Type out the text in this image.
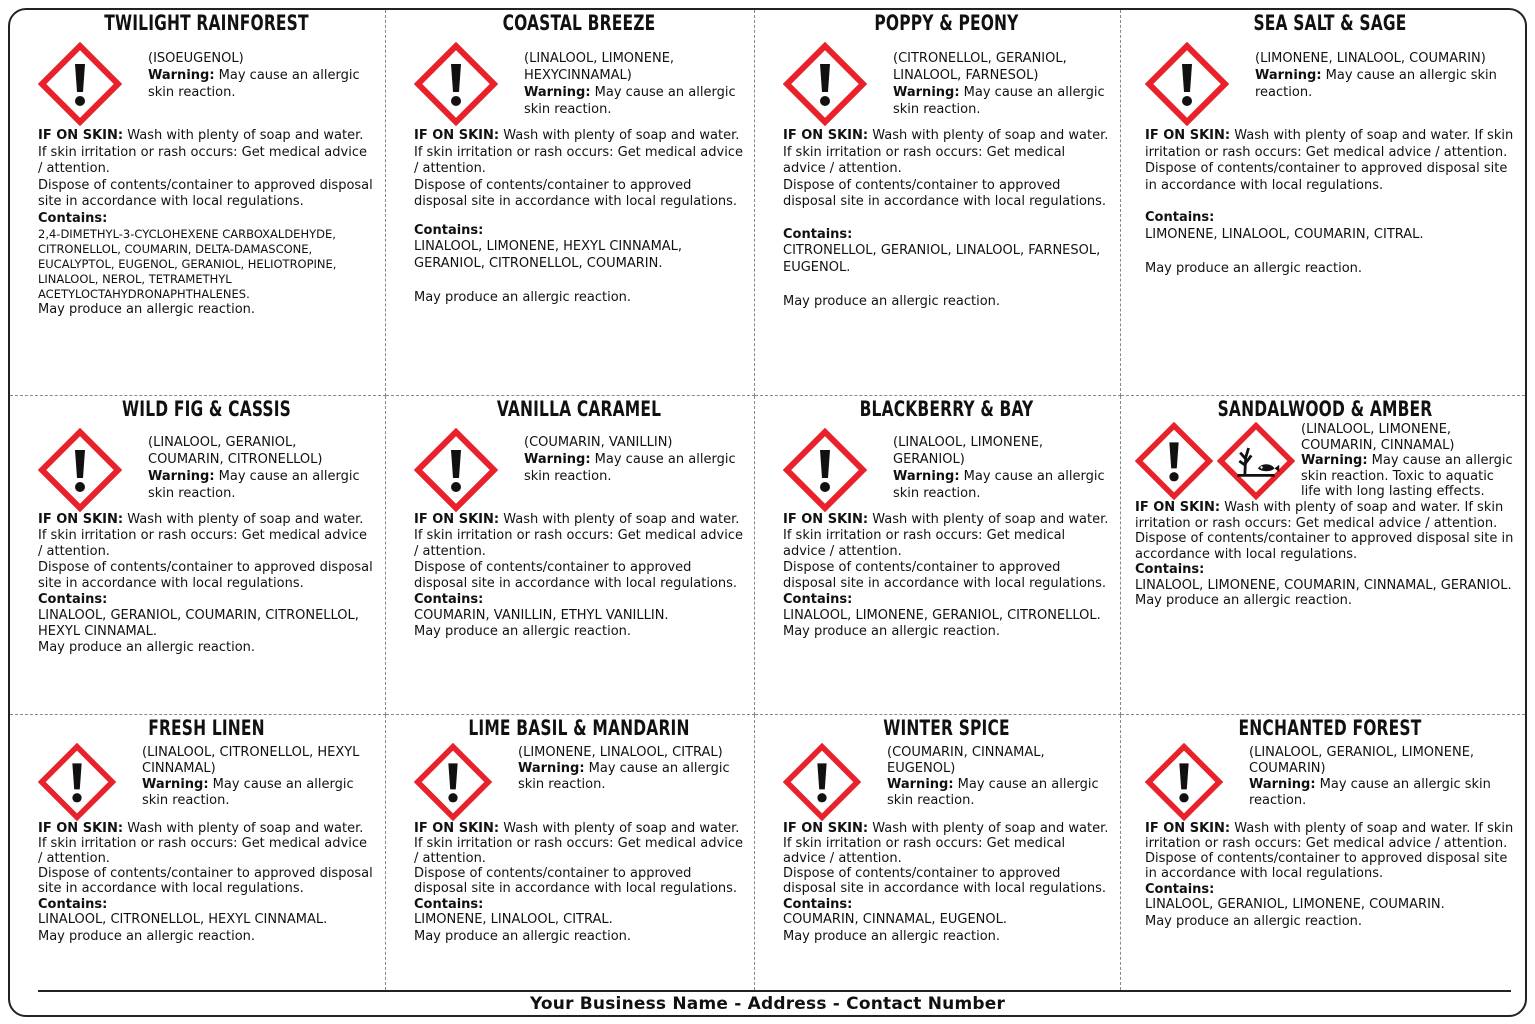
TWILIGHT RAINFOREST
(ISOEUGENOL)
Warning: May cause an allergic skin reaction.

IF ON SKIN: Wash with plenty of soap and water. If skin irritation or rash occurs: Get medical advice / attention.

Dispose of contents/container to approved disposal site in accordance with local regulations.

Contains:

2,4-DIMETHYL-3-CYCLOHEXENE CARBOXALDEHYDE, CITRONELLOL, COUMARIN, DELTA-DAMASCONE, EUCALYPTOL, EUGENOL, GERANIOL, HELIOTROPINE, LINALOOL, NEROL, TETRAMETHYL ACETYLOCTAHYDRONAPHTHALENES.

May produce an allergic reaction.

COASTAL BREEZE
(LINALOOL, LIMONENE, HEXYCINNAMAL)
Warning: May cause an allergic skin reaction.

IF ON SKIN: Wash with plenty of soap and water. If skin irritation or rash occurs: Get medical advice / attention.

Dispose of contents/container to approved disposal site in accordance with local regulations.

Contains:

LINALOOL, LIMONENE, HEXYL CINNAMAL, GERANIOL, CITRONELLOL, COUMARIN.

May produce an allergic reaction.

POPPY & PEONY
(CITRONELLOL, GERANIOL, LINALOOL, FARNESOL)
Warning: May cause an allergic skin reaction.

IF ON SKIN: Wash with plenty of soap and water. If skin irritation or rash occurs: Get medical advice / attention.

Dispose of contents/container to approved disposal site in accordance with local regulations.

Contains:

CITRONELLOL, GERANIOL, LINALOOL, FARNESOL, EUGENOL.

May produce an allergic reaction.

SEA SALT & SAGE
(LIMONENE, LINALOOL, COUMARIN)
Warning: May cause an allergic skin reaction.

IF ON SKIN: Wash with plenty of soap and water. If skin irritation or rash occurs: Get medical advice / attention.

Dispose of contents/container to approved disposal site in accordance with local regulations.

Contains:

LIMONENE, LINALOOL, COUMARIN, CITRAL.

May produce an allergic reaction.

WILD FIG & CASSIS
(LINALOOL, GERANIOL, COUMARIN, CITRONELLOL)
Warning: May cause an allergic skin reaction.

IF ON SKIN: Wash with plenty of soap and water. If skin irritation or rash occurs: Get medical advice / attention.

Dispose of contents/container to approved disposal site in accordance with local regulations.

Contains:

LINALOOL, GERANIOL, COUMARIN, CITRONELLOL, HEXYL CINNAMAL.

May produce an allergic reaction.

VANILLA CARAMEL
(COUMARIN, VANILLIN)
Warning: May cause an allergic skin reaction.

IF ON SKIN: Wash with plenty of soap and water. If skin irritation or rash occurs: Get medical advice / attention.

Dispose of contents/container to approved disposal site in accordance with local regulations.

Contains:

COUMARIN, VANILLIN, ETHYL VANILLIN.

May produce an allergic reaction.

BLACKBERRY & BAY
(LINALOOL, LIMONENE, GERANIOL)
Warning: May cause an allergic skin reaction.

IF ON SKIN: Wash with plenty of soap and water. If skin irritation or rash occurs: Get medical advice / attention.

Dispose of contents/container to approved disposal site in accordance with local regulations.

Contains:

LINALOOL, LIMONENE, GERANIOL, CITRONELLOL.

May produce an allergic reaction.

SANDALWOOD & AMBER
(LINALOOL, LIMONENE, COUMARIN, CINNAMAL)
Warning: May cause an allergic skin reaction. Toxic to aquatic life with long lasting effects.

IF ON SKIN: Wash with plenty of soap and water. If skin irritation or rash occurs: Get medical advice / attention.

Dispose of contents/container to approved disposal site in accordance with local regulations.

Contains:

LINALOOL, LIMONENE, COUMARIN, CINNAMAL, GERANIOL.

May produce an allergic reaction.

FRESH LINEN
(LINALOOL, CITRONELLOL, HEXYL CINNAMAL)
Warning: May cause an allergic skin reaction.

IF ON SKIN: Wash with plenty of soap and water. If skin irritation or rash occurs: Get medical advice / attention.

Dispose of contents/container to approved disposal site in accordance with local regulations.

Contains:

LINALOOL, CITRONELLOL, HEXYL CINNAMAL.

May produce an allergic reaction.

LIME BASIL & MANDARIN
(LIMONENE, LINALOOL, CITRAL)
Warning: May cause an allergic skin reaction.

IF ON SKIN: Wash with plenty of soap and water. If skin irritation or rash occurs: Get medical advice / attention.

Dispose of contents/container to approved disposal site in accordance with local regulations.

Contains:

LIMONENE, LINALOOL, CITRAL.

May produce an allergic reaction.

WINTER SPICE
(COUMARIN, CINNAMAL, EUGENOL)
Warning: May cause an allergic skin reaction.

IF ON SKIN: Wash with plenty of soap and water. If skin irritation or rash occurs: Get medical advice / attention.

Dispose of contents/container to approved disposal site in accordance with local regulations.

Contains:

COUMARIN, CINNAMAL, EUGENOL.

May produce an allergic reaction.

ENCHANTED FOREST
(LINALOOL, GERANIOL, LIMONENE, COUMARIN)
Warning: May cause an allergic skin reaction.

IF ON SKIN: Wash with plenty of soap and water. If skin irritation or rash occurs: Get medical advice / attention.

Dispose of contents/container to approved disposal site in accordance with local regulations.

Contains:

LINALOOL, GERANIOL, LIMONENE, COUMARIN.

May produce an allergic reaction.

Your Business Name - Address - Contact Number
